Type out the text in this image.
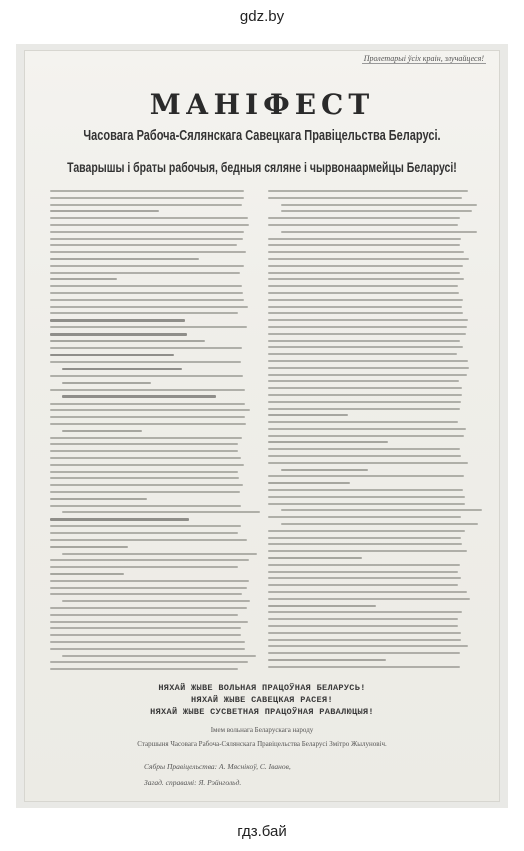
gdz.by
Пролетарыі ўсіх краін, злучайцеся!
МАНІФЕСТ
Часовага Рабоча-Сялянскага Савецкага Правіцельства Беларусі.
Таварышы і браты рабочыя, бедныя сяляне і чырвонаармейцы Беларусі!
НЯХАЙ ЖЫВЕ ВОЛЬНАЯ ПРАЦОЎНАЯ БЕЛАРУСЬ!
НЯХАЙ ЖЫВЕ САВЕЦКАЯ РАСЕЯ!
НЯХАЙ ЖЫВЕ СУСВЕТНАЯ ПРАЦОЎНАЯ РАВАЛЮЦЫЯ!
Імем вольнага Беларускага народу
Старшыня Часовага Рабоча-Сялянскага Правіцельства Беларусі Змітро Жылуновіч.
Сябры Правіцельства: А. Мяснікоў, С. Іванов,
Загад. справамі: Я. Рэйнгольд.
гдз.бай
